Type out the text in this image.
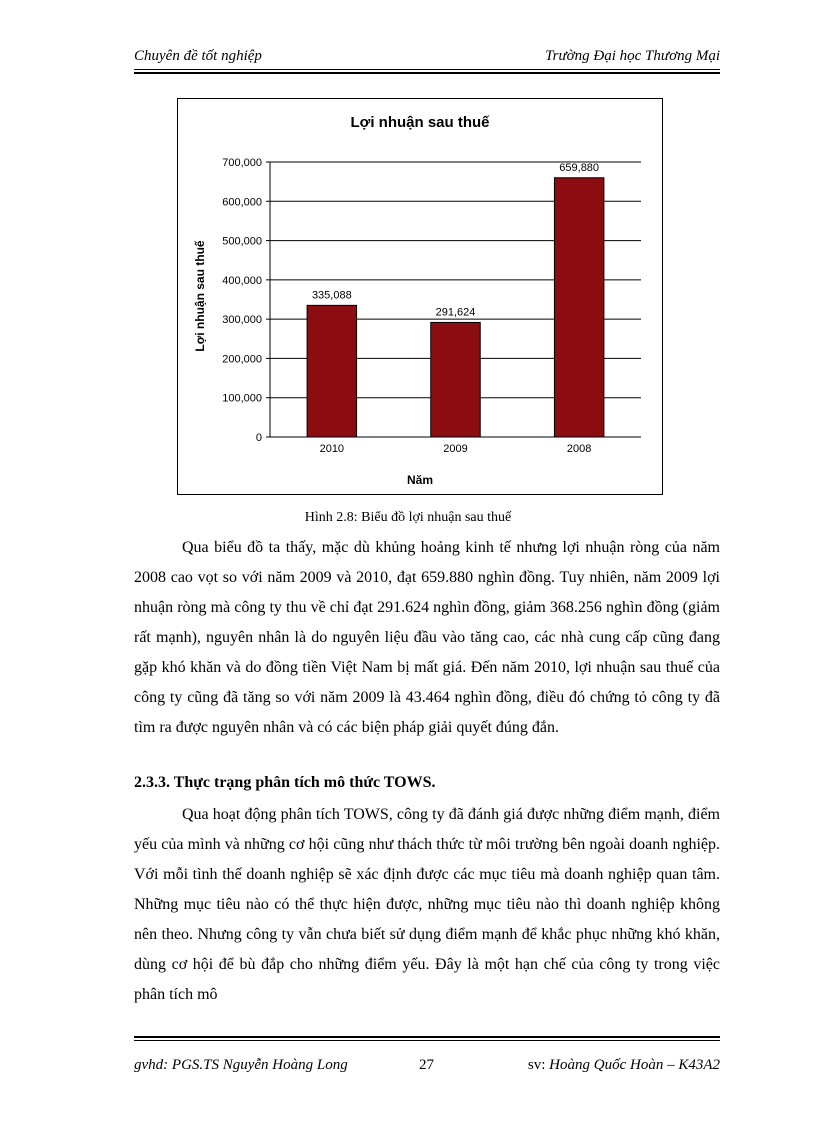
Chuyên đề tốt nghiệp	Trường Đại học Thương Mại
Lợi nhuận sau thuế
0
100,000
200,000
300,000
400,000
500,000
600,000
700,000
335,088
2010
291,624
2009
659,880
2008
Lợi nhuận sau thuế
Năm
Hình 2.8: Biểu đồ lợi nhuận sau thuế
Qua biểu đồ ta thấy, mặc dù khủng hoảng kinh tế nhưng lợi nhuận ròng của năm 2008 cao vọt so với năm 2009 và 2010, đạt 659.880 nghìn đồng. Tuy nhiên, năm 2009 lợi nhuận ròng mà công ty thu về chỉ đạt 291.624 nghìn đồng, giảm 368.256 nghìn đồng (giảm rất mạnh), nguyên nhân là do nguyên liệu đầu vào tăng cao, các nhà cung cấp cũng đang gặp khó khăn và do đồng tiền Việt Nam bị mất giá. Đến năm 2010, lợi nhuận sau thuế của công ty cũng đã tăng so với năm 2009 là 43.464 nghìn đồng, điều đó chứng tỏ công ty đã tìm ra được nguyên nhân và có các biện pháp giải quyết đúng đắn.
2.3.3. Thực trạng phân tích mô thức TOWS.
Qua hoạt động phân tích TOWS, công ty đã đánh giá được những điểm mạnh, điểm yếu của mình và những cơ hội cũng như thách thức từ môi trường bên ngoài doanh nghiệp. Với mỗi tình thế doanh nghiệp sẽ xác định được các mục tiêu mà doanh nghiệp quan tâm. Những mục tiêu nào có thể thực hiện được, những mục tiêu nào thì doanh nghiệp không nên theo. Nhưng công ty vẫn chưa biết sử dụng điểm mạnh để khắc phục những khó khăn, dùng cơ hội để bù đắp cho những điểm yếu. Đây là một hạn chế của công ty trong việc phân tích mô
gvhd: PGS.TS Nguyễn Hoàng Long	27	sv: Hoàng Quốc Hoàn – K43A2
